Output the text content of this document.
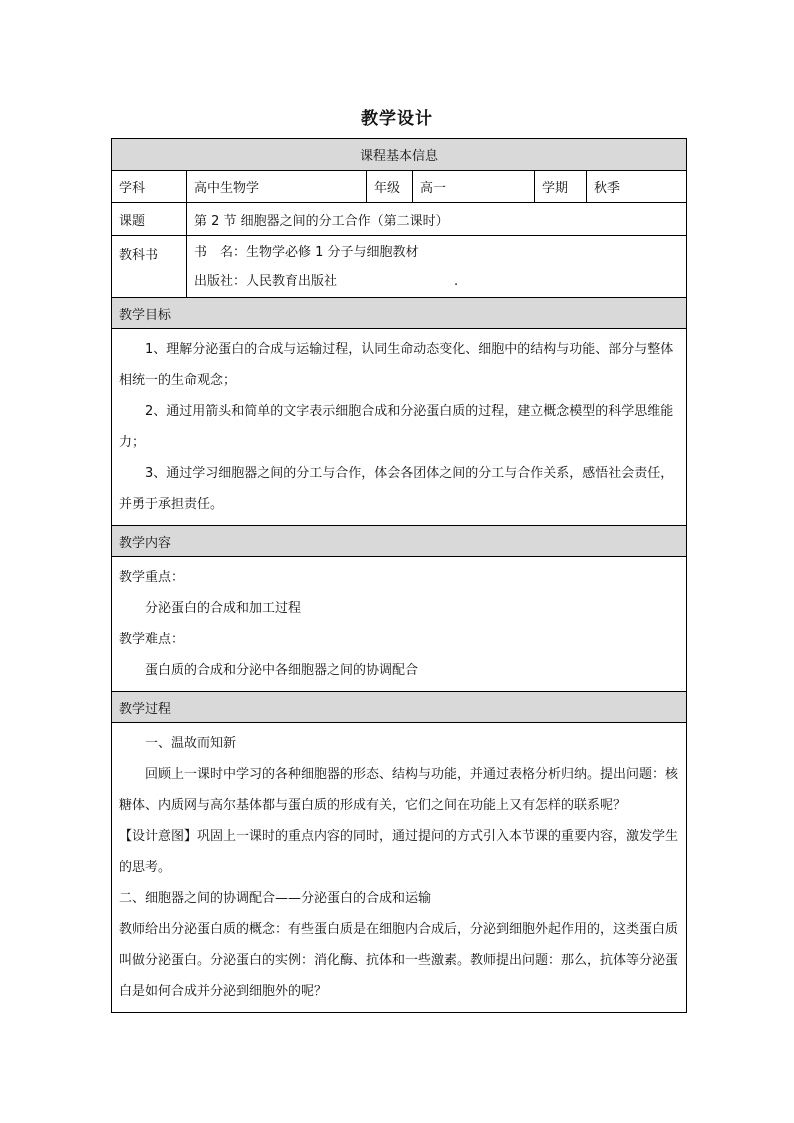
教学设计
课程基本信息
学科	高中生物学	年级	高一	学期	秋季
课题	第 2 节 细胞器之间的分工合作（第二课时）
教科书	书　名：生物学必修 1 分子与细胞教材
出版社：人民教育出版社　　　　　　　　　.
教学目标

1、理解分泌蛋白的合成与运输过程，认同生命动态变化、细胞中的结构与功能、部分与整体相统一的生命观念；

2、通过用箭头和简单的文字表示细胞合成和分泌蛋白质的过程，建立概念模型的科学思维能力；

3、通过学习细胞器之间的分工与合作，体会各团体之间的分工与合作关系，感悟社会责任，并勇于承担责任。

教学内容

教学重点：

分泌蛋白的合成和加工过程

教学难点：

蛋白质的合成和分泌中各细胞器之间的协调配合

教学过程

一、温故而知新

回顾上一课时中学习的各种细胞器的形态、结构与功能，并通过表格分析归纳。提出问题：核糖体、内质网与高尔基体都与蛋白质的形成有关，它们之间在功能上又有怎样的联系呢？

【设计意图】巩固上一课时的重点内容的同时，通过提问的方式引入本节课的重要内容，激发学生的思考。

二、细胞器之间的协调配合——分泌蛋白的合成和运输

教师给出分泌蛋白质的概念：有些蛋白质是在细胞内合成后，分泌到细胞外起作用的，这类蛋白质叫做分泌蛋白。分泌蛋白的实例：消化酶、抗体和一些激素。教师提出问题：那么，抗体等分泌蛋白是如何合成并分泌到细胞外的呢？
